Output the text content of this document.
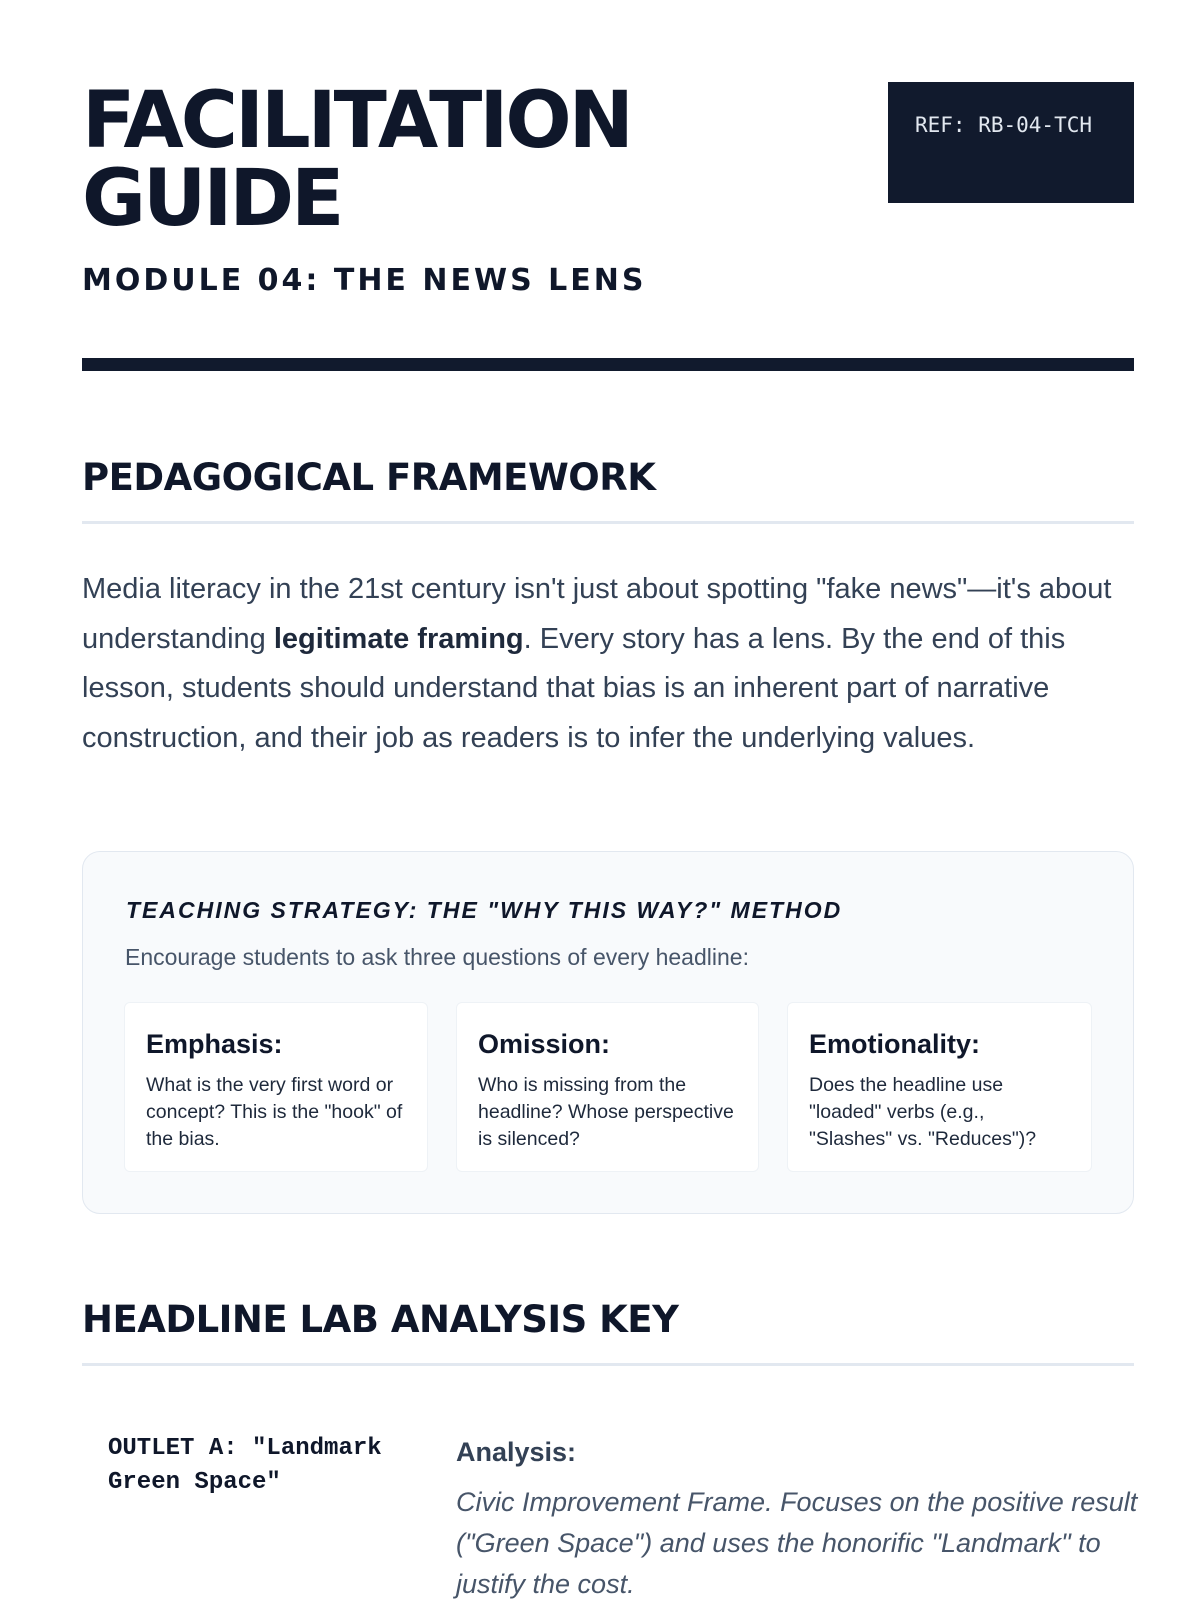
FACILITATION
GUIDE
REF: RB-04-TCH
MODULE 04: THE NEWS LENS
PEDAGOGICAL FRAMEWORK

Media literacy in the 21st century isn't just about spotting "fake news"—it's about understanding legitimate framing. Every story has a lens. By the end of this lesson, students should understand that bias is an inherent part of narrative construction, and their job as readers is to infer the underlying values.

TEACHING STRATEGY: THE "WHY THIS WAY?" METHOD
Encourage students to ask three questions of every headline:
Emphasis:
What is the very first word or concept? This is the "hook" of the bias.
Omission:
Who is missing from the headline? Whose perspective is silenced?
Emotionality:
Does the headline use "loaded" verbs (e.g., "Slashes" vs. "Reduces")?
HEADLINE LAB ANALYSIS KEY
OUTLET A: "Landmark Green Space"
Analysis:
Civic Improvement Frame. Focuses on the positive result ("Green Space") and uses the honorific "Landmark" to justify the cost.
